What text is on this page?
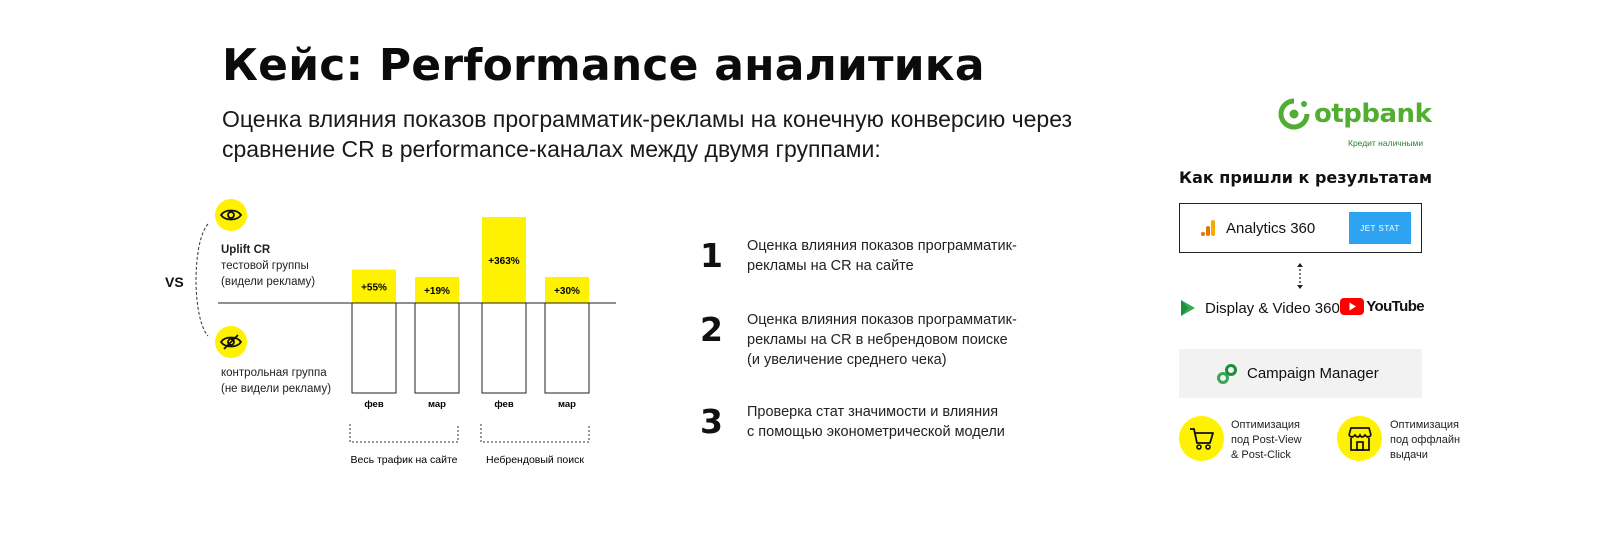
Кейс: Performance аналитика
Оценка влияния показов программатик-рекламы на конечную конверсию через сравнение CR в performance-каналах между двумя группами:
Uplift CR
тестовой группы
(видели рекламу)
VS
контрольная группа
(не видели рекламу)
+55%
фев
+19%
мар
+363%
фев
+30%
мар
Весь трафик на сайте	Небрендовый поиск
1 Оценка влияния показов программатик-
рекламы на CR на сайте
2 Оценка влияния показов программатик-
рекламы на CR в небрендовом поиске
(и увеличение среднего чека)
3 Проверка стат значимости и влияния
с помощью эконометрической модели
otpbank
Кредит наличными
Как пришли к результатам
Analytics 360	JET STAT
Display & Video 360 YouTube
Campaign Manager
Оптимизация
под Post-View
& Post-Click
Оптимизация
под оффлайн
выдачи
